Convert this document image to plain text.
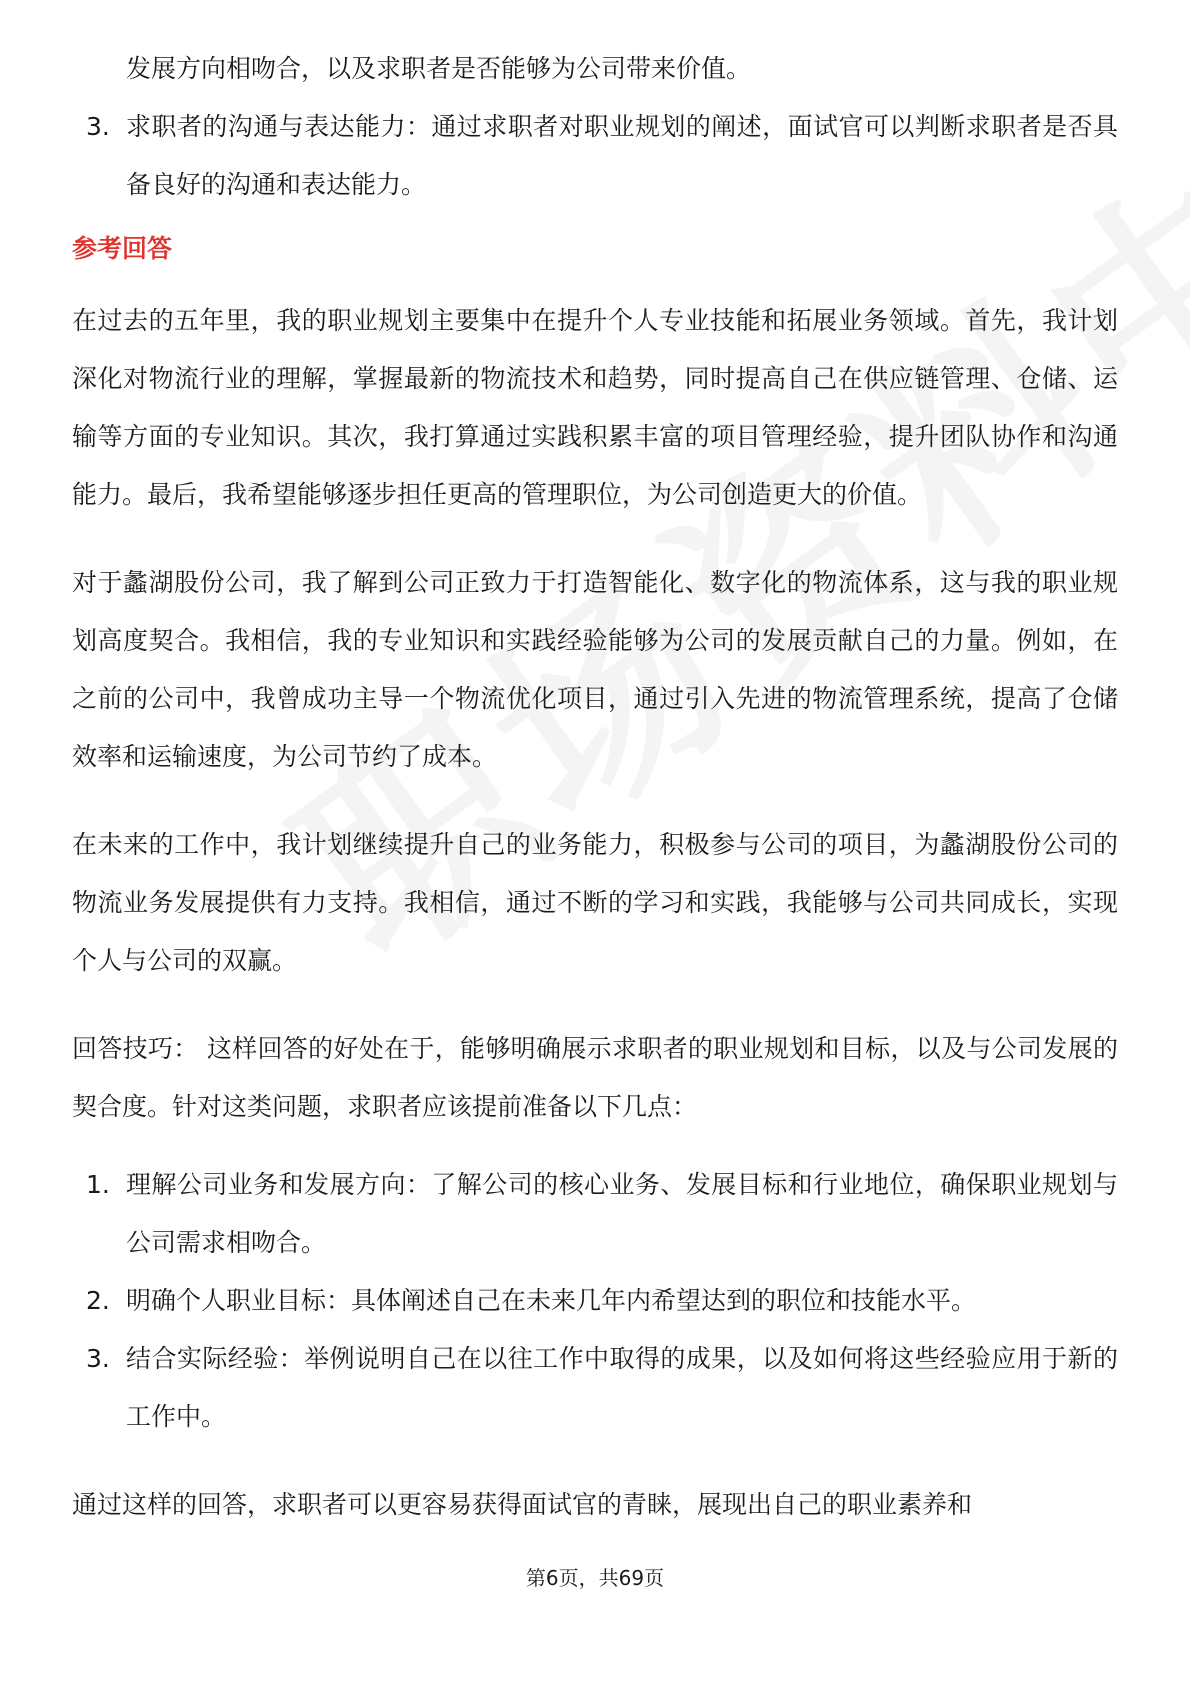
发展方向相吻合，以及求职者是否能够为公司带来价值。

3. 求职者的沟通与表达能力：通过求职者对职业规划的阐述，面试官可以判断求职者是否具备良好的沟通和表达能力。
参考回答

在过去的五年里，我的职业规划主要集中在提升个人专业技能和拓展业务领域。首先，我计划深化对物流行业的理解，掌握最新的物流技术和趋势，同时提高自己在供应链管理、仓储、运输等方面的专业知识。其次，我打算通过实践积累丰富的项目管理经验，提升团队协作和沟通能力。最后，我希望能够逐步担任更高的管理职位，为公司创造更大的价值。

对于蠡湖股份公司，我了解到公司正致力于打造智能化、数字化的物流体系，这与我的职业规划高度契合。我相信，我的专业知识和实践经验能够为公司的发展贡献自己的力量。例如，在之前的公司中，我曾成功主导一个物流优化项目，通过引入先进的物流管理系统，提高了仓储效率和运输速度，为公司节约了成本。

在未来的工作中，我计划继续提升自己的业务能力，积极参与公司的项目，为蠡湖股份公司的物流业务发展提供有力支持。我相信，通过不断的学习和实践，我能够与公司共同成长，实现个人与公司的双赢。

回答技巧： 这样回答的好处在于，能够明确展示求职者的职业规划和目标，以及与公司发展的契合度。针对这类问题，求职者应该提前准备以下几点：

1. 理解公司业务和发展方向：了解公司的核心业务、发展目标和行业地位，确保职业规划与公司需求相吻合。
2. 明确个人职业目标：具体阐述自己在未来几年内希望达到的职位和技能水平。
3. 结合实际经验：举例说明自己在以往工作中取得的成果，以及如何将这些经验应用于新的工作中。

通过这样的回答，求职者可以更容易获得面试官的青睐，展现出自己的职业素养和

第6页，共69页
